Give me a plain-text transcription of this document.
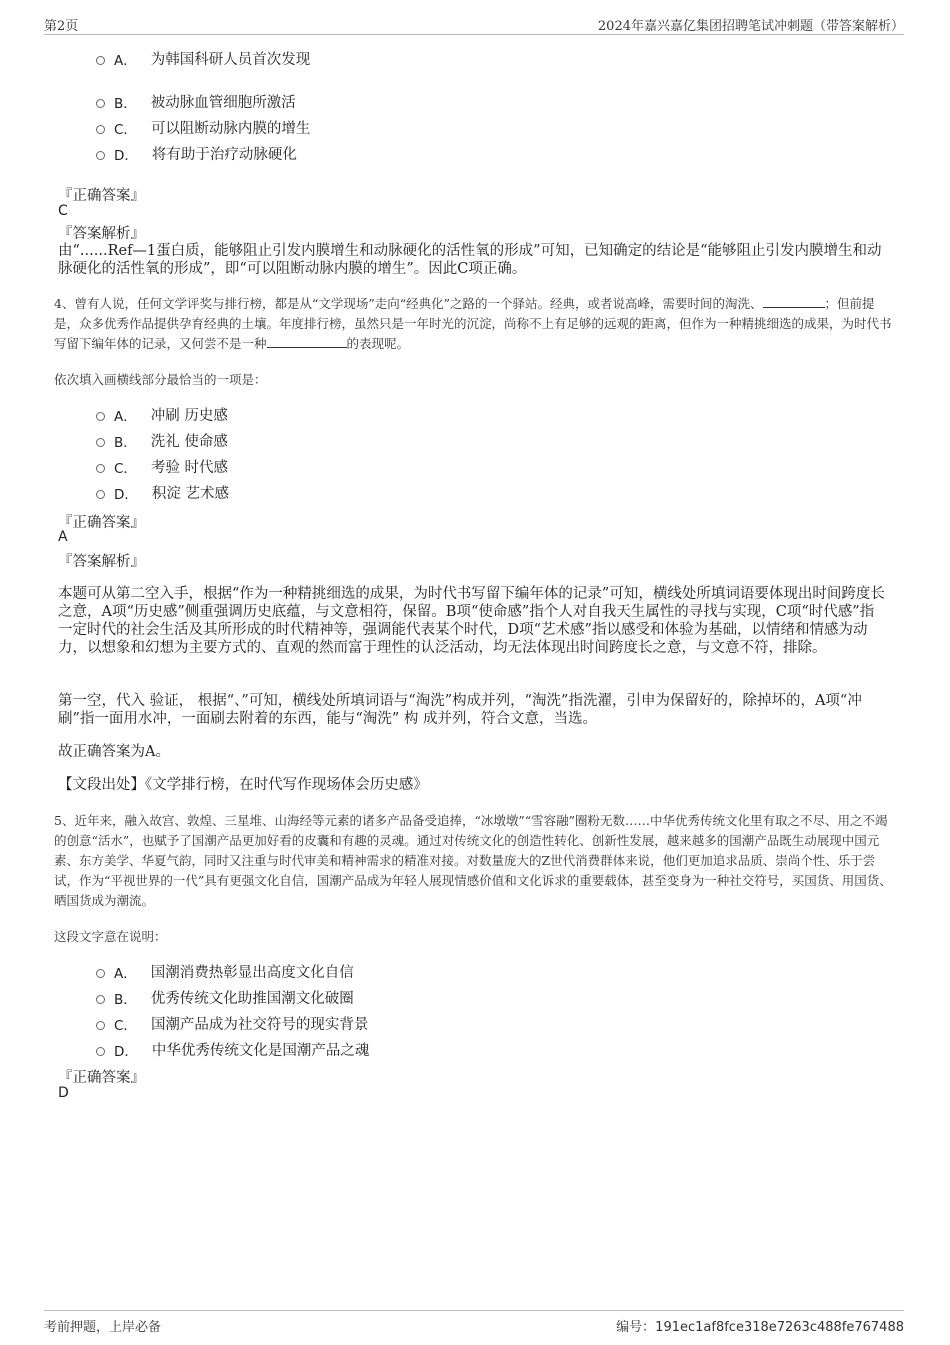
第2页	2024年嘉兴嘉亿集团招聘笔试冲刺题（带答案解析）
A． 为韩国科研人员首次发现
B． 被动脉血管细胞所激活
C． 可以阻断动脉内膜的增生
D． 将有助于治疗动脉硬化
『正确答案』
C
『答案解析』
由“......Ref—1蛋白质，能够阻止引发内膜增生和动脉硬化的活性氧的形成”可知，已知确定的结论是“能够阻止引发内膜增生和动脉硬化的活性氧的形成”，即“可以阻断动脉内膜的增生”。因此C项正确。
4、曾有人说，任何文学评奖与排行榜，都是从“文学现场”走向“经典化”之路的一个驿站。经典，或者说高峰，需要时间的淘洗、	；但前提是，众多优秀作品提供孕育经典的土壤。年度排行榜，虽然只是一年时光的沉淀，尚称不上有足够的远观的距离，但作为一种精挑细选的成果，为时代书写留下编年体的记录，又何尝不是一种	的表现呢。
依次填入画横线部分最恰当的一项是：
A． 冲刷 历史感
B． 洗礼 使命感
C． 考验 时代感
D． 积淀 艺术感
『正确答案』
A
『答案解析』
本题可从第二空入手，根据“作为一种精挑细选的成果，为时代书写留下编年体的记录”可知，横线处所填词语要体现出时间跨度长之意，A项“历史感”侧重强调历史底蕴，与文意相符，保留。B项“使命感”指个人对自我天生属性的寻找与实现，C项“时代感”指一定时代的社会生活及其所形成的时代精神等，强调能代表某个时代，D项“艺术感”指以感受和体验为基础，以情绪和情感为动力，以想象和幻想为主要方式的、直观的然而富于理性的认泛活动，均无法体现出时间跨度长之意，与文意不符，排除。
第一空，代入 验证， 根据“、”可知，横线处所填词语与“淘洗”构成并列，“淘洗”指洗濯，引申为保留好的，除掉坏的，A项“冲刷”指一面用水冲，一面刷去附着的东西，能与“淘洗” 构 成并列，符合文意，当选。
故正确答案为A。
【文段出处】《文学排行榜，在时代写作现场体会历史感》
5、近年来，融入故宫、敦煌、三星堆、山海经等元素的诸多产品备受追捧，“冰墩墩”“雪容融”圈粉无数……中华优秀传统文化里有取之不尽、用之不竭的创意“活水”，也赋予了国潮产品更加好看的皮囊和有趣的灵魂。通过对传统文化的创造性转化、创新性发展，越来越多的国潮产品既生动展现中国元素、东方美学、华夏气韵，同时又注重与时代审美和精神需求的精准对接。对数量庞大的Z世代消费群体来说，他们更加追求品质、崇尚个性、乐于尝试，作为“平视世界的一代”具有更强文化自信，国潮产品成为年轻人展现情感价值和文化诉求的重要载体，甚至变身为一种社交符号，买国货、用国货、晒国货成为潮流。
这段文字意在说明：
A． 国潮消费热彰显出高度文化自信
B． 优秀传统文化助推国潮文化破圈
C． 国潮产品成为社交符号的现实背景
D． 中华优秀传统文化是国潮产品之魂
『正确答案』
D
考前押题，上岸必备	编号：191ec1af8fce318e7263c488fe767488
